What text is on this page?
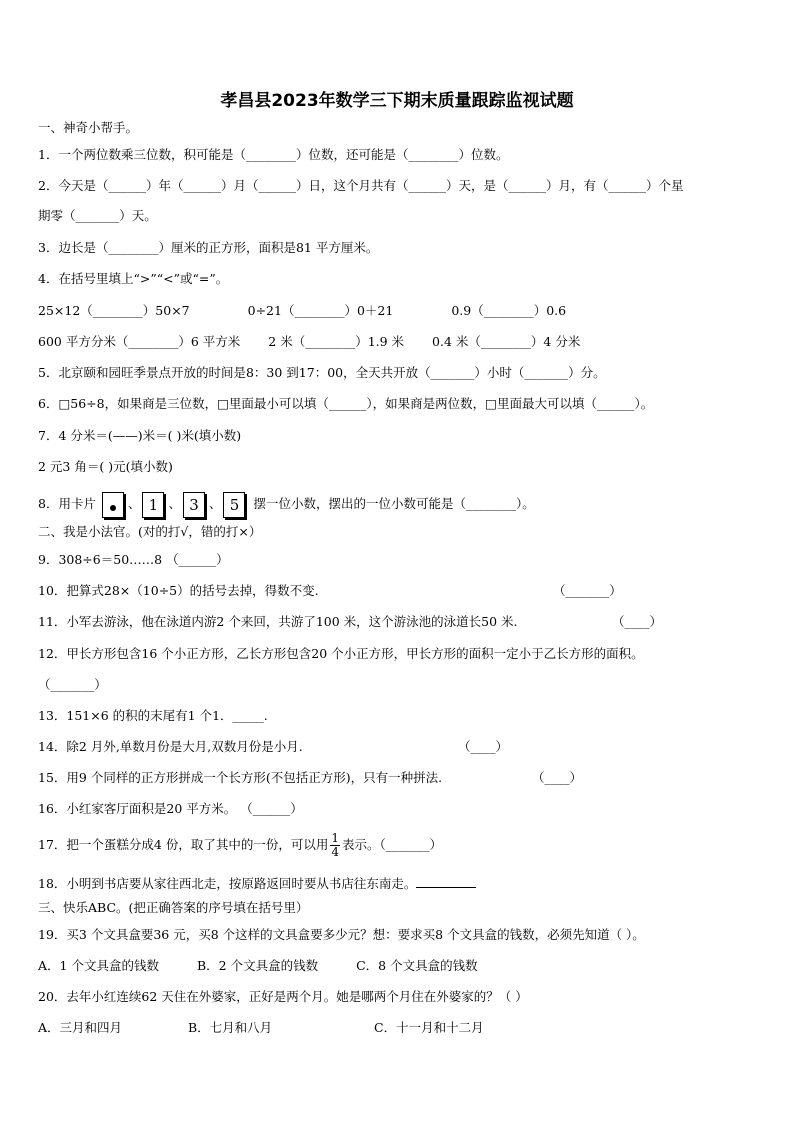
孝昌县2023年数学三下期末质量跟踪监视试题
一、神奇小帮手。
1．一个两位数乘三位数，积可能是（________）位数，还可能是（________）位数。
2．今天是（______）年（______）月（______）日，这个月共有（______）天，是（______）月，有（______）个星
期零（_______）天。
3．边长是（________）厘米的正方形，面积是81 平方厘米。
4．在括号里填上“>”“<”或“=”。
25×12（________）50×7	0÷21（________）0＋21	0.9（________）0.6
600 平方分米（________）6 平方米 2 米（________）1.9 米 0.4 米（________）4 分米
5．北京颐和园旺季景点开放的时间是8：30 到17：00，全天共开放（_______）小时（_______）分。
6．□56÷8，如果商是三位数，□里面最小可以填（______），如果商是两位数，□里面最大可以填（______）。
7．4 分米＝(——)米＝( )米(填小数)
2 元3 角＝( )元(填小数)
8．用卡片	、 1 、 3 、 5 摆一位小数，摆出的一位小数可能是（________）。
二、我是小法官。(对的打√，错的打×）
9．308÷6＝50……8 （______）
10．把算式28×（10÷5）的括号去掉，得数不变.	（_______）
11．小军去游泳，他在泳道内游2 个来回，共游了100 米，这个游泳池的泳道长50 米.	（____）
12．甲长方形包含16 个小正方形，乙长方形包含20 个小正方形，甲长方形的面积一定小于乙长方形的面积。
（_______）
13．151×6 的积的末尾有1 个1．_____.
14．除2 月外,单数月份是大月,双数月份是小月.	（____）
15．用9 个同样的正方形拼成一个长方形(不包括正方形)，只有一种拼法.	（____）
16．小红家客厅面积是20 平方米。 （______）
17．把一个蛋糕分成4 份，取了其中的一份，可以用 $\frac{1}{4}$ 表示。（_______）
18．小明到书店要从家往西北走，按原路返回时要从书店往东南走。
三、快乐ABC。(把正确答案的序号填在括号里）
19．买3 个文具盒要36 元，买8 个这样的文具盒要多少元？想：要求买8 个文具盒的钱数，必须先知道（ ）。
A．1 个文具盒的钱数	B．2 个文具盒的钱数	C．8 个文具盒的钱数
20．去年小红连续62 天住在外婆家，正好是两个月。她是哪两个月住在外婆家的？（ ）
A．三月和四月	B．七月和八月	C．十一月和十二月
